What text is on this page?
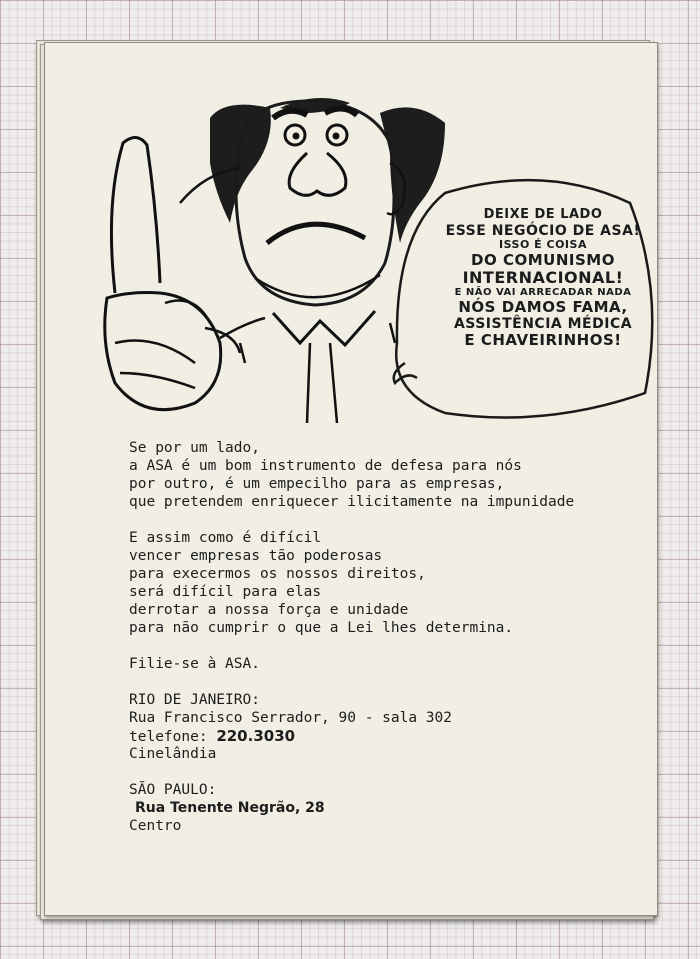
DEIXE DE LADO
ESSE NEGÓCIO DE ASA!
ISSO É COISA
DO COMUNISMO
INTERNACIONAL!
E NÃO VAI ARRECADAR NADA
NÓS DAMOS FAMA,
ASSISTÊNCIA MÉDICA
E CHAVEIRINHOS!
Se por um lado,
a ASA é um bom instrumento de defesa para nós
por outro, é um empecilho para as empresas,
que pretendem enriquecer ilicitamente na impunidade
E assim como é difícil
vencer empresas tão poderosas
para execermos os nossos direitos,
será difícil para elas
derrotar a nossa força e unidade
para não cumprir o que a Lei lhes determina.
Filie-se à ASA.
RIO DE JANEIRO:
Rua Francisco Serrador, 90 - sala 302
telefone: 220.3030
Cinelândia
SÃO PAULO:
Rua Tenente Negrão, 28
Centro
